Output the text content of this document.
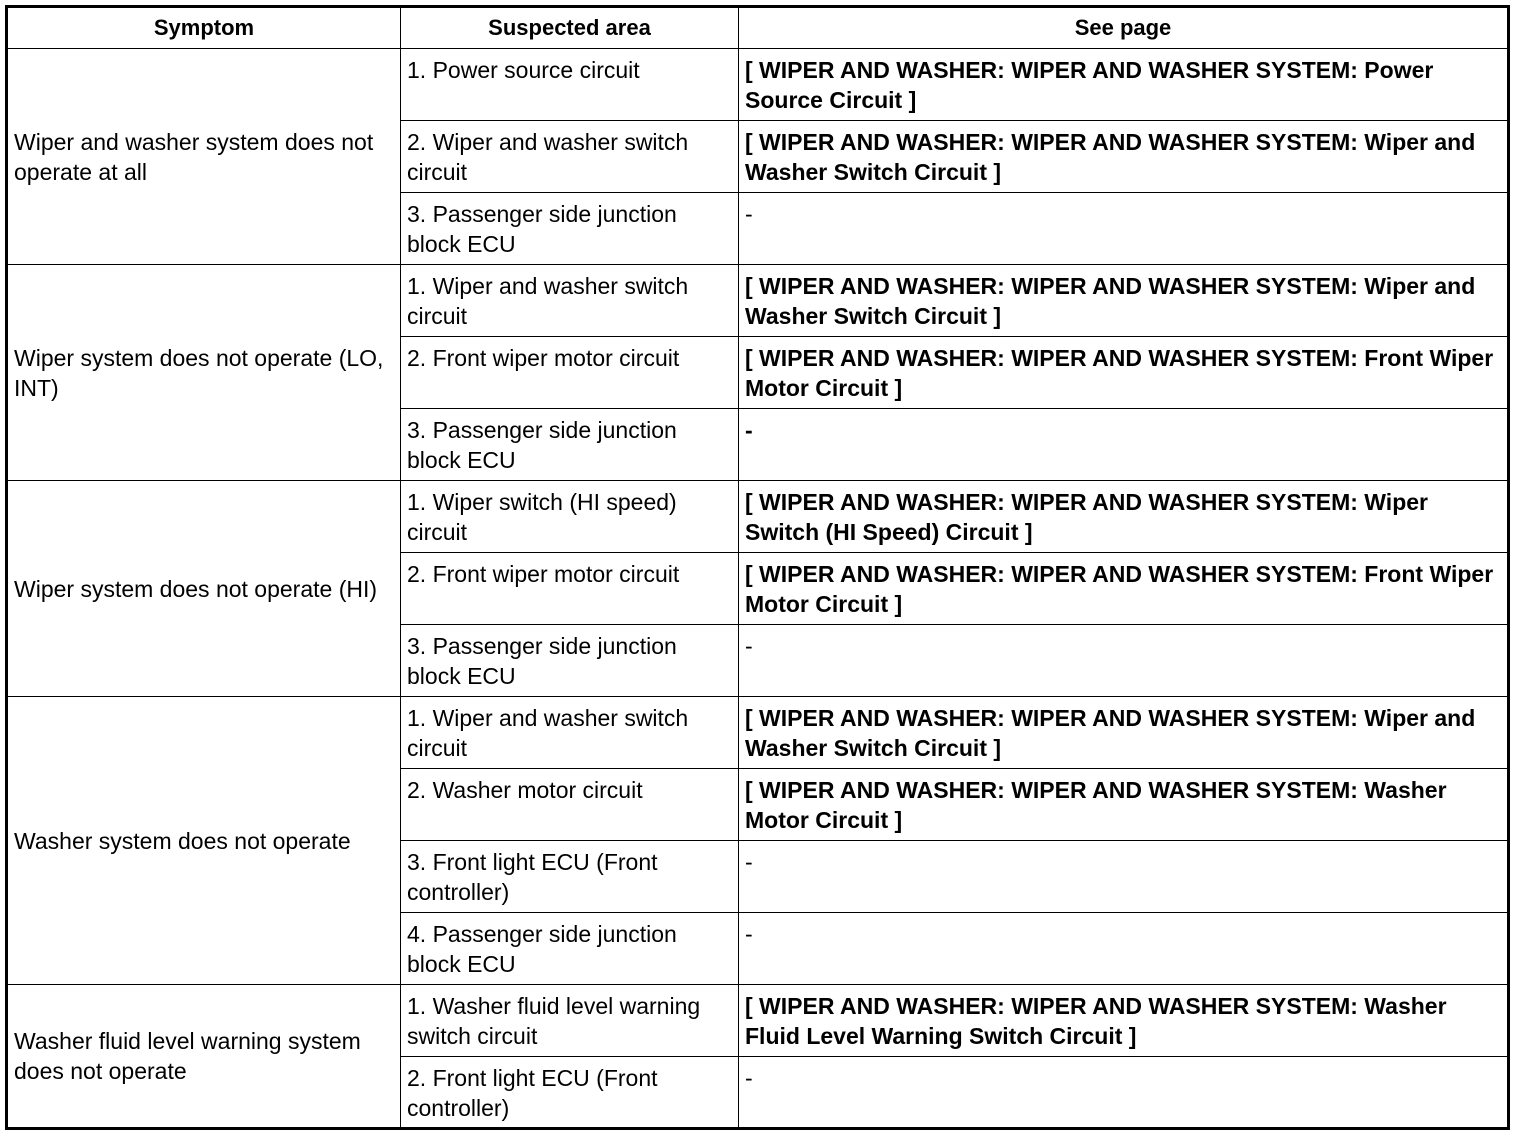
Symptom	Suspected area	See page
Wiper and washer system does not operate at all	1. Power source circuit	[ WIPER AND WASHER: WIPER AND WASHER SYSTEM: Power Source Circuit ]
	2. Wiper and washer switch circuit	[ WIPER AND WASHER: WIPER AND WASHER SYSTEM: Wiper and Washer Switch Circuit ]
	3. Passenger side junction block ECU	-
Wiper system does not operate (LO, INT)	1. Wiper and washer switch circuit	[ WIPER AND WASHER: WIPER AND WASHER SYSTEM: Wiper and Washer Switch Circuit ]
	2. Front wiper motor circuit	[ WIPER AND WASHER: WIPER AND WASHER SYSTEM: Front Wiper Motor Circuit ]
	3. Passenger side junction block ECU	-
Wiper system does not operate (HI)	1. Wiper switch (HI speed) circuit	[ WIPER AND WASHER: WIPER AND WASHER SYSTEM: Wiper Switch (HI Speed) Circuit ]
	2. Front wiper motor circuit	[ WIPER AND WASHER: WIPER AND WASHER SYSTEM: Front Wiper Motor Circuit ]
	3. Passenger side junction block ECU	-
Washer system does not operate	1. Wiper and washer switch circuit	[ WIPER AND WASHER: WIPER AND WASHER SYSTEM: Wiper and Washer Switch Circuit ]
	2. Washer motor circuit	[ WIPER AND WASHER: WIPER AND WASHER SYSTEM: Washer Motor Circuit ]
	3. Front light ECU (Front controller)	-
	4. Passenger side junction block ECU	-
Washer fluid level warning system does not operate	1. Washer fluid level warning switch circuit	[ WIPER AND WASHER: WIPER AND WASHER SYSTEM: Washer Fluid Level Warning Switch Circuit ]
	2. Front light ECU (Front controller)	-
